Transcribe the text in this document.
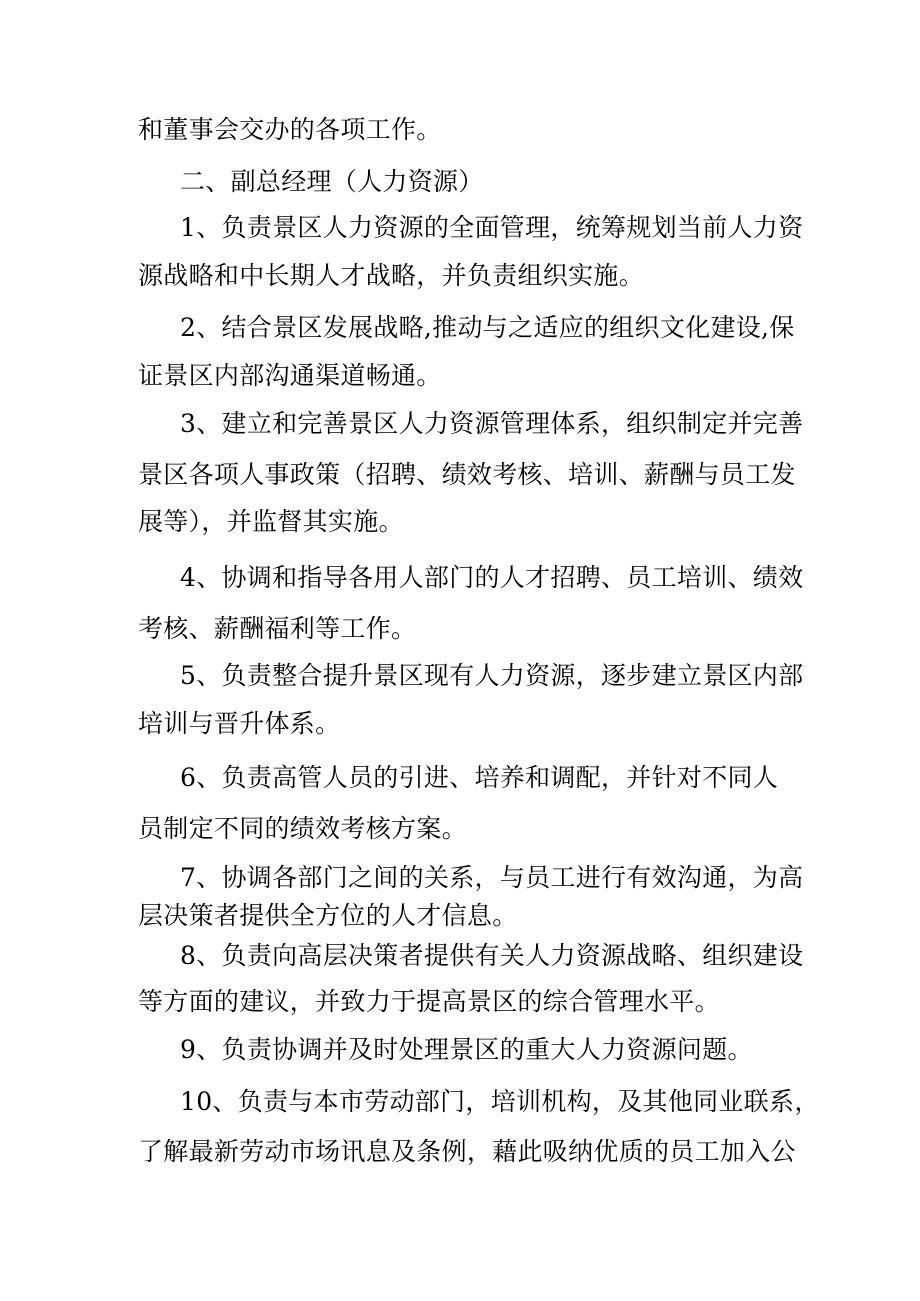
和董事会交办的各项工作。
二、副总经理（人力资源）
1、负责景区人力资源的全面管理，统筹规划当前人力资
源战略和中长期人才战略，并负责组织实施。
2、结合景区发展战略,推动与之适应的组织文化建设,保
证景区内部沟通渠道畅通。
3、建立和完善景区人力资源管理体系，组织制定并完善
景区各项人事政策（招聘、绩效考核、培训、薪酬与员工发
展等），并监督其实施。
4、协调和指导各用人部门的人才招聘、员工培训、绩效
考核、薪酬福利等工作。
5、负责整合提升景区现有人力资源，逐步建立景区内部
培训与晋升体系。
6、负责高管人员的引进、培养和调配，并针对不同人
员制定不同的绩效考核方案。
7、协调各部门之间的关系，与员工进行有效沟通，为高
层决策者提供全方位的人才信息。
8、负责向高层决策者提供有关人力资源战略、组织建设
等方面的建议，并致力于提高景区的综合管理水平。
9、负责协调并及时处理景区的重大人力资源问题。
10、负责与本市劳动部门，培训机构，及其他同业联系，
了解最新劳动市场讯息及条例，藉此吸纳优质的员工加入公
